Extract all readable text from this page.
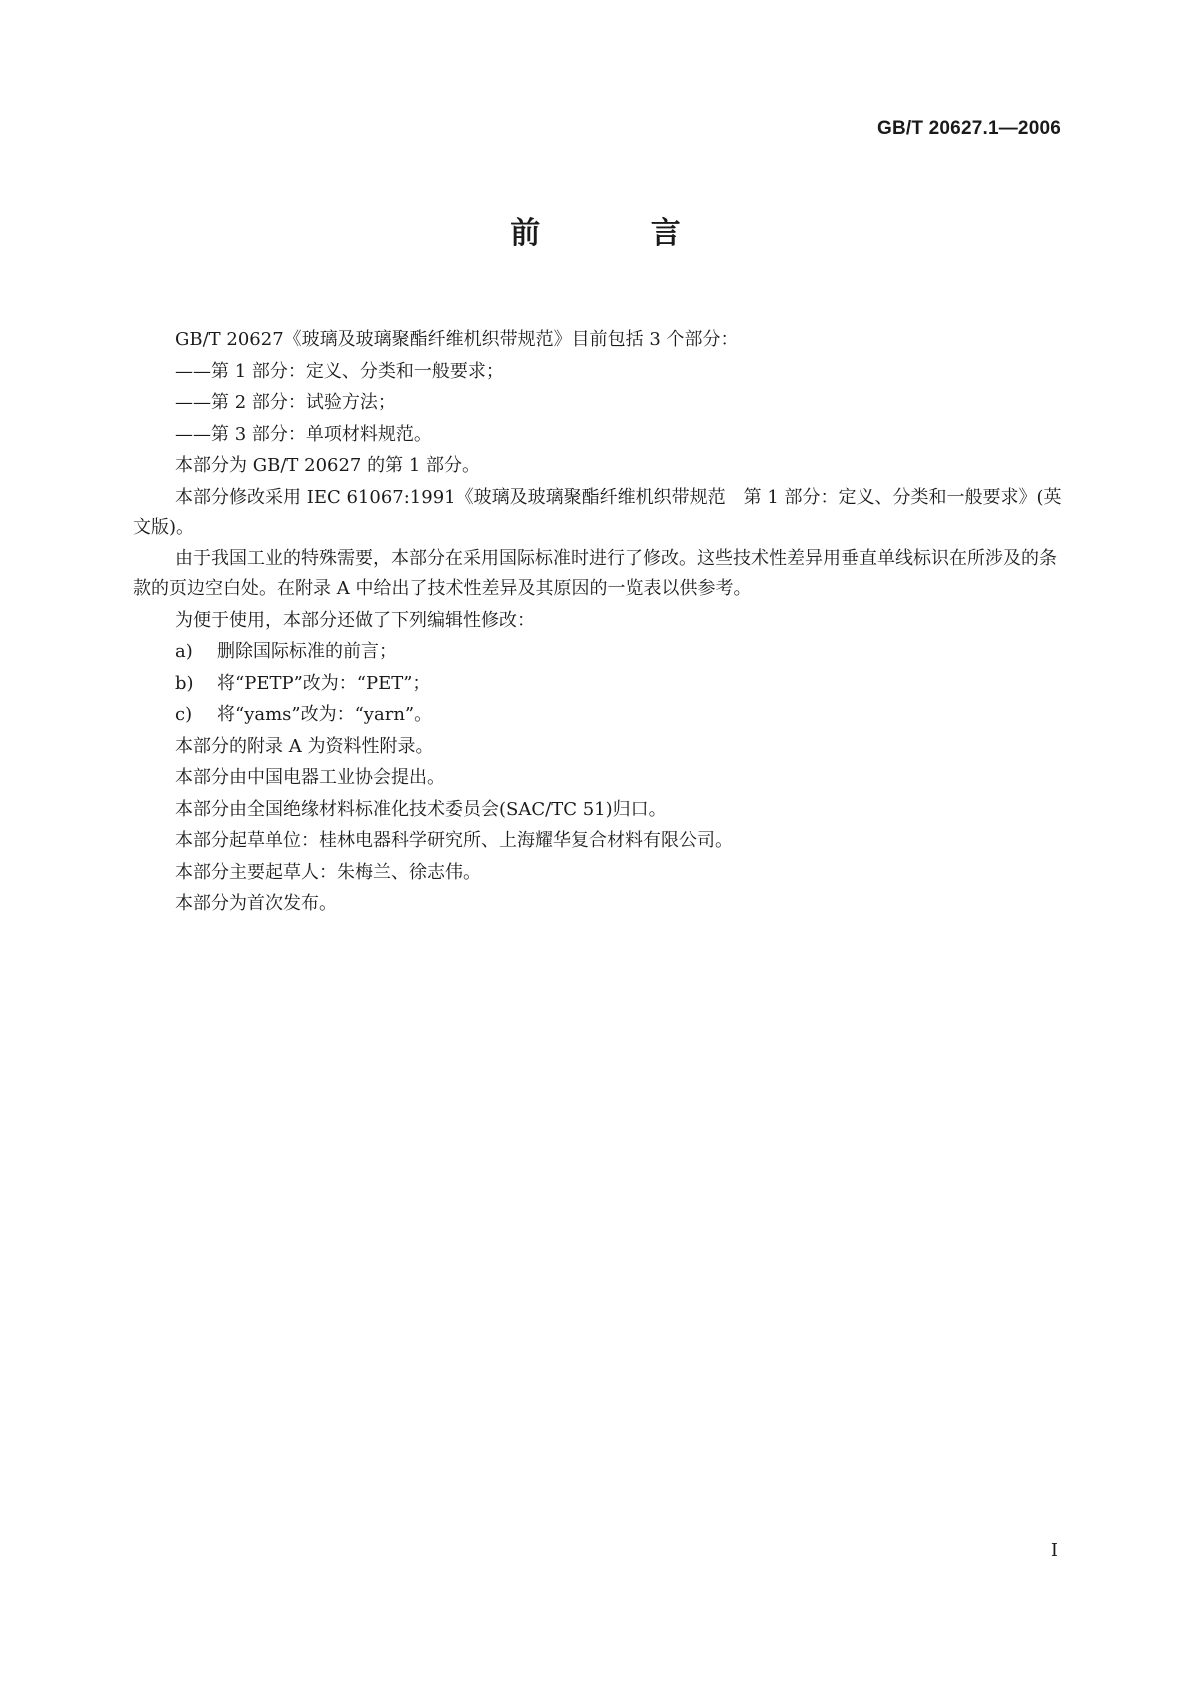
GB/T 20627.1—2006
前 言

GB/T 20627《玻璃及玻璃聚酯纤维机织带规范》目前包括 3 个部分：

——第 1 部分：定义、分类和一般要求；

——第 2 部分：试验方法；

——第 3 部分：单项材料规范。

本部分为 GB/T 20627 的第 1 部分。

本部分修改采用 IEC 61067:1991《玻璃及玻璃聚酯纤维机织带规范　第 1 部分：定义、分类和一般要求》(英文版)。

由于我国工业的特殊需要，本部分在采用国际标准时进行了修改。这些技术性差异用垂直单线标识在所涉及的条款的页边空白处。在附录 A 中给出了技术性差异及其原因的一览表以供参考。

为便于使用，本部分还做了下列编辑性修改：

a) 删除国际标准的前言；
b) 将“PETP”改为：“PET”；
c) 将“yams”改为：“yarn”。

本部分的附录 A 为资料性附录。

本部分由中国电器工业协会提出。

本部分由全国绝缘材料标准化技术委员会(SAC/TC 51)归口。

本部分起草单位：桂林电器科学研究所、上海耀华复合材料有限公司。

本部分主要起草人：朱梅兰、徐志伟。

本部分为首次发布。

I
